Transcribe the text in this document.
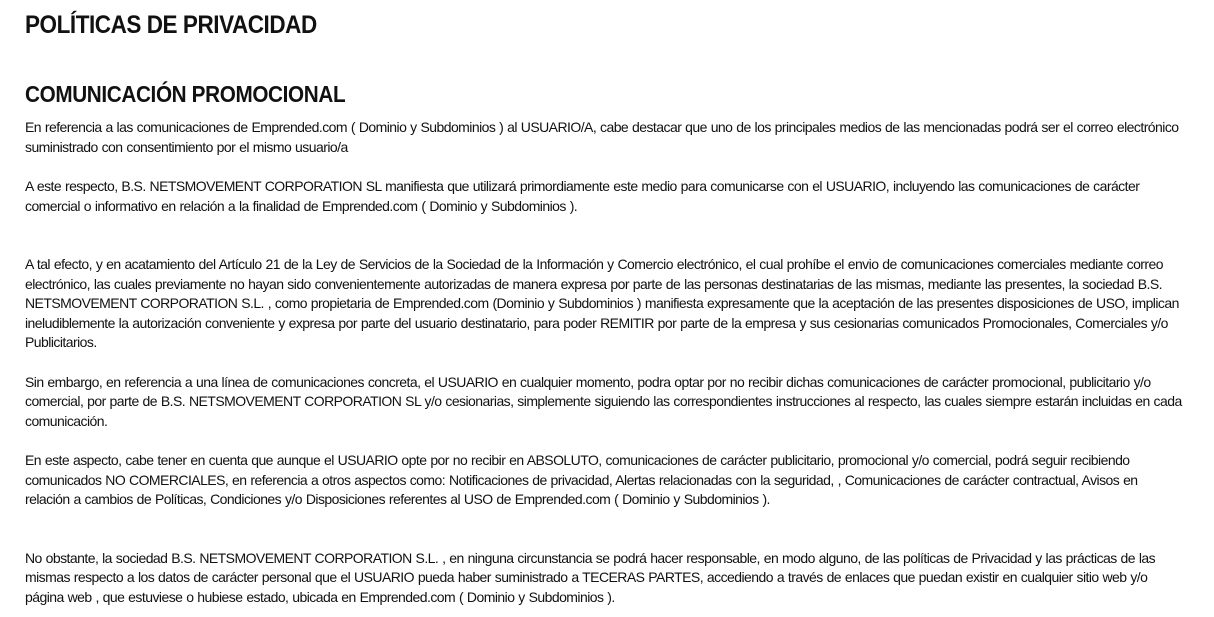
POLÍTICAS DE PRIVACIDAD
COMUNICACIÓN PROMOCIONAL

En referencia a las comunicaciones de Emprended.com ( Dominio y Subdominios ) al USUARIO/A, cabe destacar que uno de los principales medios de las mencionadas podrá ser el correo electrónico suministrado con consentimiento por el mismo usuario/a

A este respecto, B.S. NETSMOVEMENT CORPORATION SL manifiesta que utilizará primordiamente este medio para comunicarse con el USUARIO, incluyendo las comunicaciones de carácter comercial o informativo en relación a la finalidad de Emprended.com ( Dominio y Subdominios ).

A tal efecto, y en acatamiento del Artículo 21 de la Ley de Servicios de la Sociedad de la Información y Comercio electrónico, el cual prohíbe el envio de comunicaciones comerciales mediante correo electrónico, las cuales previamente no hayan sido convenientemente autorizadas de manera expresa por parte de las personas destinatarias de las mismas, mediante las presentes, la sociedad B.S. NETSMOVEMENT CORPORATION S.L. , como propietaria de Emprended.com (Dominio y Subdominios ) manifiesta expresamente que la aceptación de las presentes disposiciones de USO, implican ineludiblemente la autorización conveniente y expresa por parte del usuario destinatario, para poder REMITIR por parte de la empresa y sus cesionarias comunicados Promocionales, Comerciales y/o Publicitarios.

Sin embargo, en referencia a una línea de comunicaciones concreta, el USUARIO en cualquier momento, podra optar por no recibir dichas comunicaciones de carácter promocional, publicitario y/o comercial, por parte de B.S. NETSMOVEMENT CORPORATION SL y/o cesionarias, simplemente siguiendo las correspondientes instrucciones al respecto, las cuales siempre estarán incluidas en cada comunicación.

En este aspecto, cabe tener en cuenta que aunque el USUARIO opte por no recibir en ABSOLUTO, comunicaciones de carácter publicitario, promocional y/o comercial, podrá seguir recibiendo comunicados NO COMERCIALES, en referencia a otros aspectos como: Notificaciones de privacidad, Alertas relacionadas con la seguridad, , Comunicaciones de carácter contractual, Avisos en relación a cambios de Políticas, Condiciones y/o Disposiciones referentes al USO de Emprended.com ( Dominio y Subdominios ).

No obstante, la sociedad B.S. NETSMOVEMENT CORPORATION S.L. , en ninguna circunstancia se podrá hacer responsable, en modo alguno, de las políticas de Privacidad y las prácticas de las mismas respecto a los datos de carácter personal que el USUARIO pueda haber suministrado a TECERAS PARTES, accediendo a través de enlaces que puedan existir en cualquier sitio web y/o página web , que estuviese o hubiese estado, ubicada en Emprended.com ( Dominio y Subdominios ).
